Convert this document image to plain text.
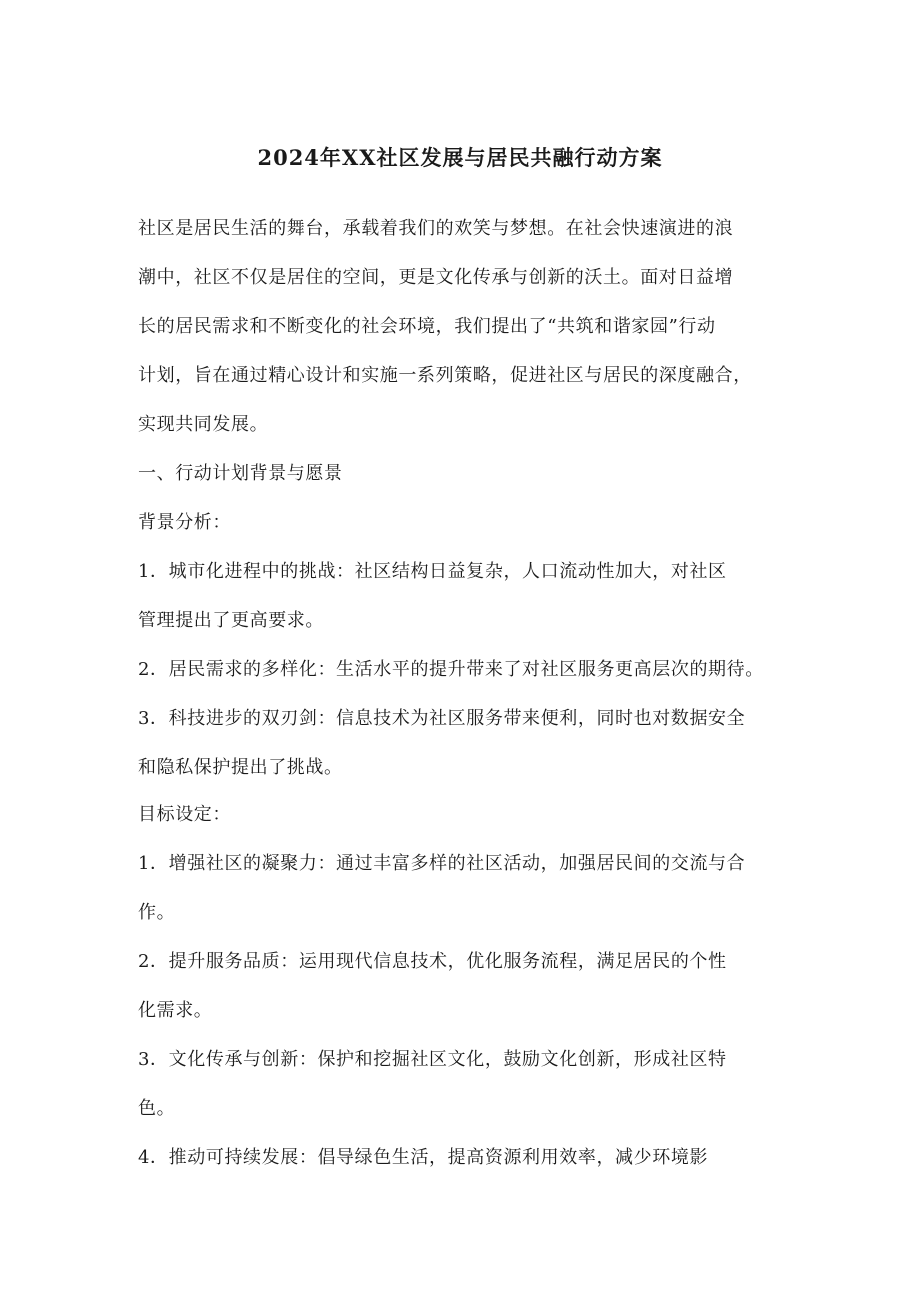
2024年XX社区发展与居民共融行动方案
社区是居民生活的舞台，承载着我们的欢笑与梦想。在社会快速演进的浪
潮中，社区不仅是居住的空间，更是文化传承与创新的沃土。面对日益增
长的居民需求和不断变化的社会环境，我们提出了“共筑和谐家园”行动
计划，旨在通过精心设计和实施一系列策略，促进社区与居民的深度融合，
实现共同发展。
一、行动计划背景与愿景
背景分析：
1．城市化进程中的挑战：社区结构日益复杂，人口流动性加大，对社区
管理提出了更高要求。
2．居民需求的多样化：生活水平的提升带来了对社区服务更高层次的期待。
3．科技进步的双刃剑：信息技术为社区服务带来便利，同时也对数据安全
和隐私保护提出了挑战。
目标设定：
1．增强社区的凝聚力：通过丰富多样的社区活动，加强居民间的交流与合
作。
2．提升服务品质：运用现代信息技术，优化服务流程，满足居民的个性
化需求。
3．文化传承与创新：保护和挖掘社区文化，鼓励文化创新，形成社区特
色。
4．推动可持续发展：倡导绿色生活，提高资源利用效率，减少环境影
